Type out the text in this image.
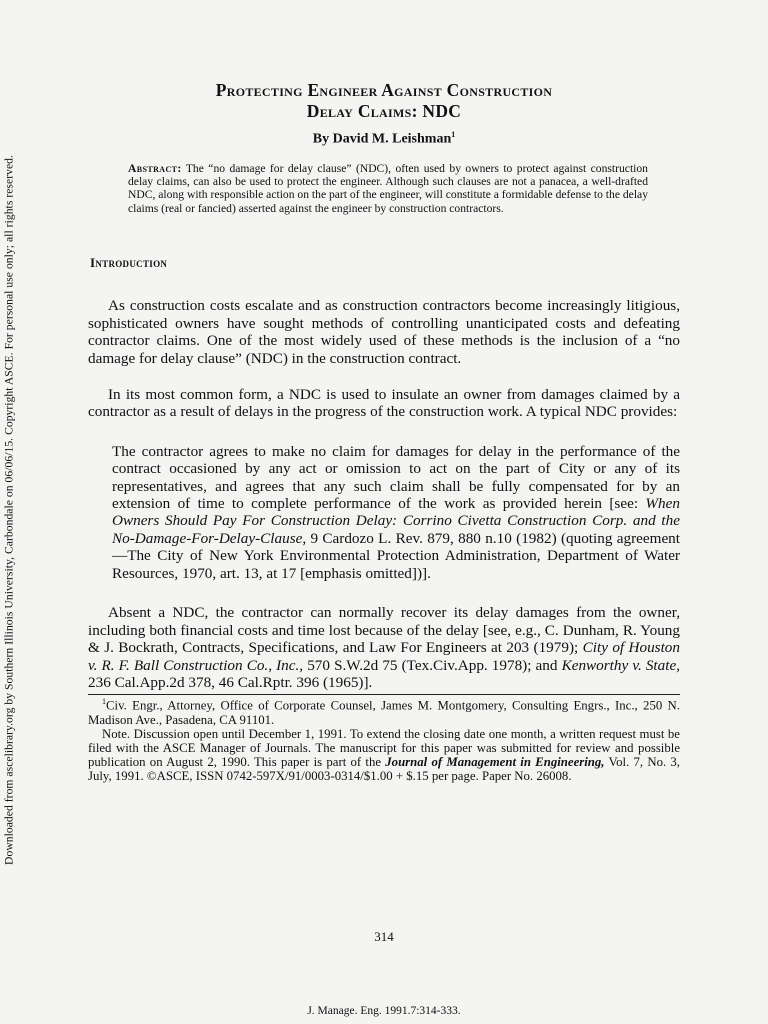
Downloaded from ascelibrary.org by Southern Illinois University, Carbondale on 06/06/15. Copyright ASCE. For personal use only; all rights reserved.
Protecting Engineer Against Construction
Delay Claims: NDC
By David M. Leishman$^1$
Abstract: The “no damage for delay clause” (NDC), often used by owners to protect against construction delay claims, can also be used to protect the engineer. Although such clauses are not a panacea, a well-drafted NDC, along with responsible action on the part of the engineer, will constitute a formidable defense to the delay claims (real or fancied) asserted against the engineer by construction contractors.
Introduction

As construction costs escalate and as construction contractors become increasingly litigious, sophisticated owners have sought methods of controlling unanticipated costs and defeating contractor claims. One of the most widely used of these methods is the inclusion of a “no damage for delay clause” (NDC) in the construction contract.

In its most common form, a NDC is used to insulate an owner from damages claimed by a contractor as a result of delays in the progress of the construction work. A typical NDC provides:

The contractor agrees to make no claim for damages for delay in the performance of the contract occasioned by any act or omission to act on the part of City or any of its representatives, and agrees that any such claim shall be fully compensated for by an extension of time to complete performance of the work as provided herein [see: When Owners Should Pay For Construction Delay: Corrino Civetta Construction Corp. and the No-Damage-For-Delay-Clause, 9 Cardozo L. Rev. 879, 880 n.10 (1982) (quoting agreement—The City of New York Environmental Protection Administration, Department of Water Resources, 1970, art. 13, at 17 [emphasis omitted])].

Absent a NDC, the contractor can normally recover its delay damages from the owner, including both financial costs and time lost because of the delay [see, e.g., C. Dunham, R. Young & J. Bockrath, Contracts, Specifications, and Law For Engineers at 203 (1979); City of Houston v. R. F. Ball Construction Co., Inc., 570 S.W.2d 75 (Tex.Civ.App. 1978); and Kenworthy v. State, 236 Cal.App.2d 378, 46 Cal.Rptr. 396 (1965)].

$^1$Civ. Engr., Attorney, Office of Corporate Counsel, James M. Montgomery, Consulting Engrs., Inc., 250 N. Madison Ave., Pasadena, CA 91101.

Note. Discussion open until December 1, 1991. To extend the closing date one month, a written request must be filed with the ASCE Manager of Journals. The manuscript for this paper was submitted for review and possible publication on August 2, 1990. This paper is part of the Journal of Management in Engineering, Vol. 7, No. 3, July, 1991. ©ASCE, ISSN 0742-597X/91/0003-0314/$1.00 + $.15 per page. Paper No. 26008.

314
J. Manage. Eng. 1991.7:314-333.
